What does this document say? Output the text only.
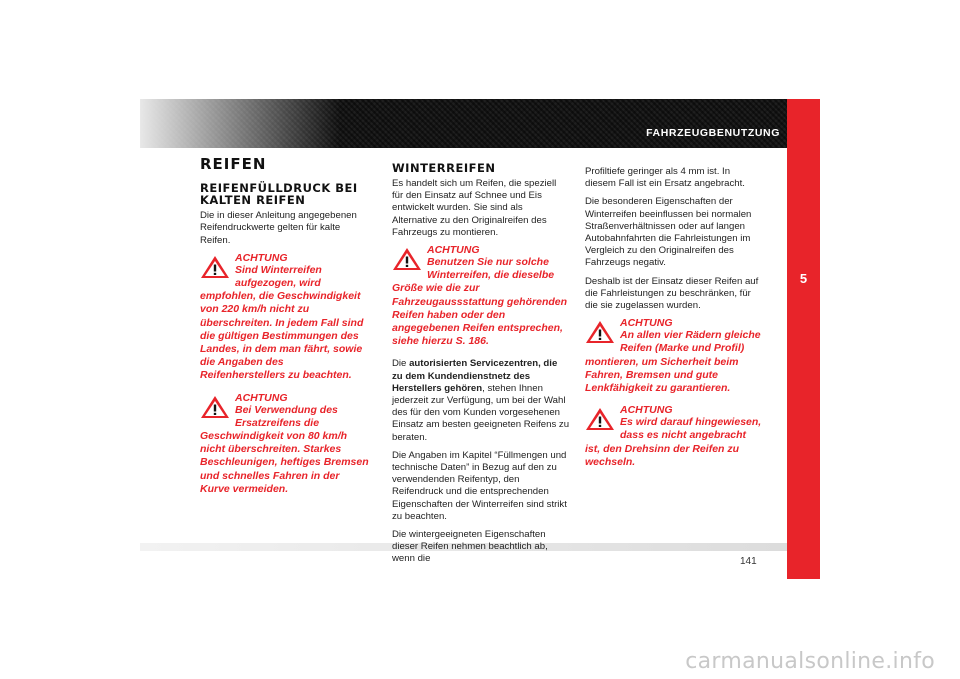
FAHRZEUGBENUTZUNG
5
141
REIFEN
REIFENFÜLLDRUCK BEI KALTEN REIFEN

Die in dieser Anleitung angegebenen Reifendruckwerte gelten für kalte Reifen.

ACHTUNG
Sind Winterreifen aufgezogen, wird empfohlen, die Geschwindigkeit von 220 km/h nicht zu überschreiten. In jedem Fall sind die gültigen Bestimmungen des Landes, in dem man fährt, sowie die Angaben des Reifenherstellers zu beachten.
ACHTUNG
Bei Verwendung des Ersatzreifens die Geschwindigkeit von 80 km/h nicht überschreiten. Starkes Beschleunigen, heftiges Bremsen und schnelles Fahren in der Kurve vermeiden.
WINTERREIFEN

Es handelt sich um Reifen, die speziell für den Einsatz auf Schnee und Eis entwickelt wurden. Sie sind als Alternative zu den Originalreifen des Fahrzeugs zu montieren.

ACHTUNG
Benutzen Sie nur solche Winterreifen, die dieselbe Größe wie die zur Fahrzeugaussstattung gehörenden Reifen haben oder den angegebenen Reifen entsprechen, siehe hierzu S. 186.

Die autorisierten Servicezentren, die zu dem Kundendienstnetz des Herstellers gehören, stehen Ihnen jederzeit zur Verfügung, um bei der Wahl des für den vom Kunden vorgesehenen Einsatz am besten geeigneten Reifens zu beraten.

Die Angaben im Kapitel “Füllmengen und technische Daten” in Bezug auf den zu verwendenden Reifentyp, den Reifendruck und die entsprechenden Eigenschaften der Winterreifen sind strikt zu beachten.

Die wintergeeigneten Eigenschaften dieser Reifen nehmen beachtlich ab, wenn die

Profiltiefe geringer als 4 mm ist. In diesem Fall ist ein Ersatz angebracht.

Die besonderen Eigenschaften der Winterreifen beeinflussen bei normalen Straßenverhältnissen oder auf langen Autobahnfahrten die Fahrleistungen im Vergleich zu den Originalreifen des Fahrzeugs negativ.

Deshalb ist der Einsatz dieser Reifen auf die Fahrleistungen zu beschränken, für die sie zugelassen wurden.

ACHTUNG
An allen vier Rädern gleiche Reifen (Marke und Profil) montieren, um Sicherheit beim Fahren, Bremsen und gute Lenkfähigkeit zu garantieren.
ACHTUNG
Es wird darauf hingewiesen, dass es nicht angebracht ist, den Drehsinn der Reifen zu wechseln.
carmanualsonline.info
